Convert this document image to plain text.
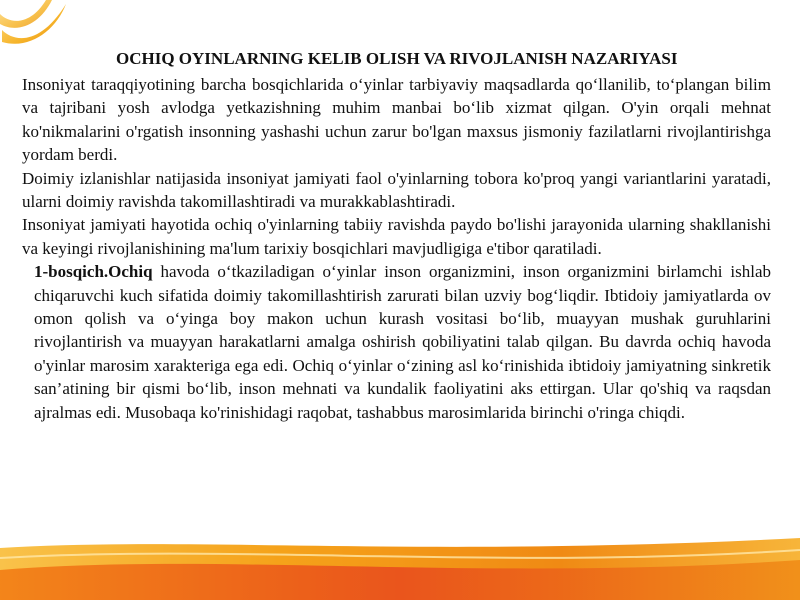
OCHIQ OYINLARNING KELIB OLISH VA RIVOJLANISH NAZARIYASI

Insoniyat taraqqiyotining barcha bosqichlarida o‘yinlar tarbiyaviy maqsadlarda qo‘llanilib, to‘plangan bilim va tajribani yosh avlodga yetkazishning muhim manbai bo‘lib xizmat qilgan. O'yin orqali mehnat ko'nikmalarini o'rgatish insonning yashashi uchun zarur bo'lgan maxsus jismoniy fazilatlarni rivojlantirishga yordam berdi.

Doimiy izlanishlar natijasida insoniyat jamiyati faol o'yinlarning tobora ko'proq yangi variantlarini yaratadi, ularni doimiy ravishda takomillashtiradi va murakkablashtiradi.

Insoniyat jamiyati hayotida ochiq o'yinlarning tabiiy ravishda paydo bo'lishi jarayonida ularning shakllanishi va keyingi rivojlanishining ma'lum tarixiy bosqichlari mavjudligiga e'tibor qaratiladi.

1-bosqich.Ochiq havoda o‘tkaziladigan o‘yinlar inson organizmini, inson organizmini birlamchi ishlab chiqaruvchi kuch sifatida doimiy takomillashtirish zarurati bilan uzviy bog‘liqdir. Ibtidoiy jamiyatlarda ov omon qolish va o‘yinga boy makon uchun kurash vositasi bo‘lib, muayyan mushak guruhlarini rivojlantirish va muayyan harakatlarni amalga oshirish qobiliyatini talab qilgan. Bu davrda ochiq havoda o'yinlar marosim xarakteriga ega edi. Ochiq o‘yinlar o‘zining asl ko‘rinishida ibtidoiy jamiyatning sinkretik san’atining bir qismi bo‘lib, inson mehnati va kundalik faoliyatini aks ettirgan. Ular qo'shiq va raqsdan ajralmas edi. Musobaqa ko'rinishidagi raqobat, tashabbus marosimlarida birinchi o'ringa chiqdi.
